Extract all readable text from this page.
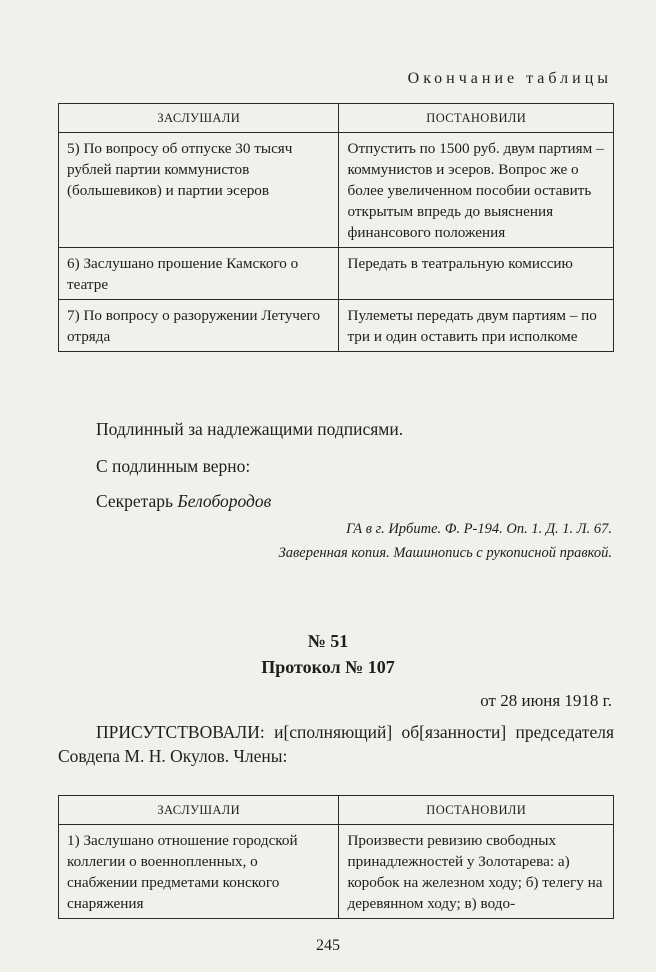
Окончание таблицы
ЗАСЛУШАЛИ	ПОСТАНОВИЛИ
5) По вопросу об отпуске 30 тысяч рублей партии коммунистов (большевиков) и партии эсеров	Отпустить по 1500 руб. двум партиям – коммунистов и эсеров. Вопрос же о более увеличенном пособии оставить открытым впредь до выяснения финансового положения
6) Заслушано прошение Камского о театре	Передать в театральную комиссию
7) По вопросу о разоружении Летучего отряда	Пулеметы передать двум партиям – по три и один оставить при исполкоме
Подлинный за надлежащими подписями.
С подлинным верно:
Секретарь Белобородов
ГА в г. Ирбите. Ф. Р-194. Оп. 1. Д. 1. Л. 67.
Заверенная копия. Машинопись с рукописной правкой.
№ 51
Протокол № 107
от 28 июня 1918 г.
ПРИСУТСТВОВАЛИ: и[сполняющий] об[язанности] председателя Совдепа М. Н. Окулов. Члены:
ЗАСЛУШАЛИ	ПОСТАНОВИЛИ
1) Заслушано отношение городской коллегии о военнопленных, о снабжении предметами конского снаряжения	Произвести ревизию свободных принадлежностей у Золотарева: а) коробок на железном ходу; б) телегу на деревянном ходу; в) водо-
245
